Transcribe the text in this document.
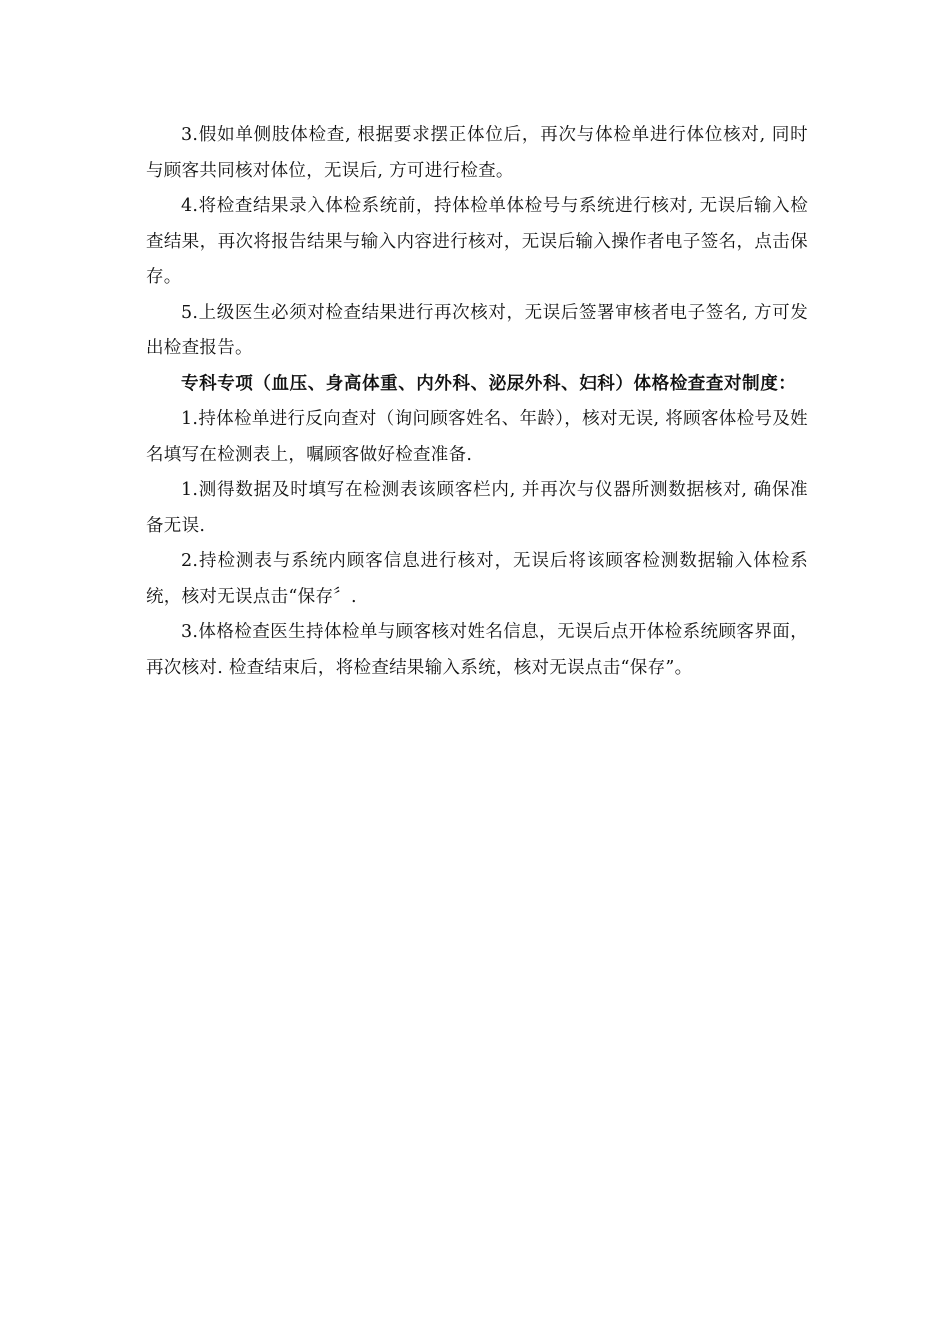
3.假如单侧肢体检查, 根据要求摆正体位后，再次与体检单进行体位核对, 同时与顾客共同核对体位，无误后, 方可进行检查。

4.将检查结果录入体检系统前，持体检单体检号与系统进行核对, 无误后输入检查结果，再次将报告结果与输入内容进行核对，无误后输入操作者电子签名，点击保存。

5.上级医生必须对检查结果进行再次核对，无误后签署审核者电子签名, 方可发出检查报告。

专科专项（血压、身高体重、内外科、泌尿外科、妇科）体格检查查对制度：

1.持体检单进行反向查对（询问顾客姓名、年龄），核对无误, 将顾客体检号及姓名填写在检测表上，嘱顾客做好检查准备.

1.测得数据及时填写在检测表该顾客栏内, 并再次与仪器所测数据核对, 确保准备无误.

2.持检测表与系统内顾客信息进行核对，无误后将该顾客检测数据输入体检系统，核对无误点击“保存〞.

3.体格检查医生持体检单与顾客核对姓名信息，无误后点开体检系统顾客界面，再次核对. 检查结束后，将检查结果输入系统，核对无误点击“保存”。
